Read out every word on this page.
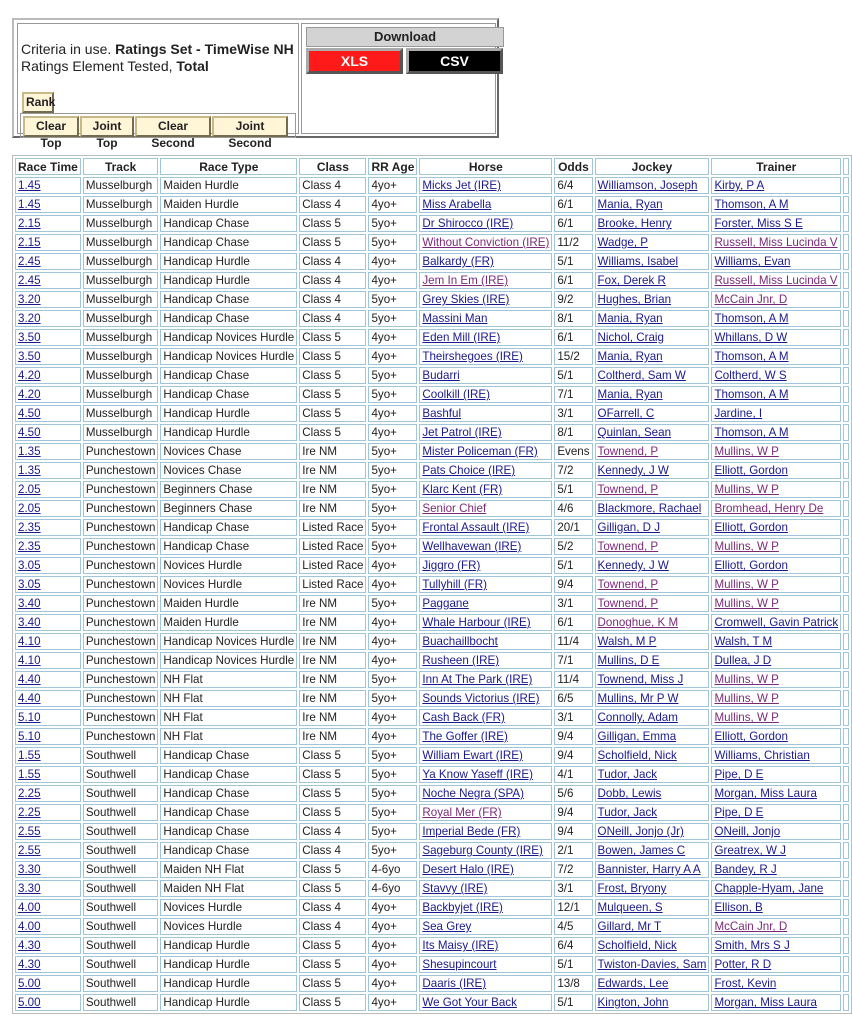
Criteria in use. Ratings Set - TimeWise NH
Ratings Element Tested, Total
Rank
Clear Top
Joint Top
Clear Second
Joint Second
Download
XLS	CSV
Race Time	Track	Race Type	Class	RR Age	Horse	Odds	Jockey	Trainer	
1.45	Musselburgh	Maiden Hurdle	Class 4	4yo+	Micks Jet (IRE)	6/4	Williamson, Joseph	Kirby, P A	
1.45	Musselburgh	Maiden Hurdle	Class 4	4yo+	Miss Arabella	6/1	Mania, Ryan	Thomson, A M	
2.15	Musselburgh	Handicap Chase	Class 5	5yo+	Dr Shirocco (IRE)	6/1	Brooke, Henry	Forster, Miss S E	
2.15	Musselburgh	Handicap Chase	Class 5	5yo+	Without Conviction (IRE)	11/2	Wadge, P	Russell, Miss Lucinda V	
2.45	Musselburgh	Handicap Hurdle	Class 4	4yo+	Balkardy (FR)	5/1	Williams, Isabel	Williams, Evan	
2.45	Musselburgh	Handicap Hurdle	Class 4	4yo+	Jem In Em (IRE)	6/1	Fox, Derek R	Russell, Miss Lucinda V	
3.20	Musselburgh	Handicap Chase	Class 4	5yo+	Grey Skies (IRE)	9/2	Hughes, Brian	McCain Jnr, D	
3.20	Musselburgh	Handicap Chase	Class 4	5yo+	Massini Man	8/1	Mania, Ryan	Thomson, A M	
3.50	Musselburgh	Handicap Novices Hurdle	Class 5	4yo+	Eden Mill (IRE)	6/1	Nichol, Craig	Whillans, D W	
3.50	Musselburgh	Handicap Novices Hurdle	Class 5	4yo+	Theirshegoes (IRE)	15/2	Mania, Ryan	Thomson, A M	
4.20	Musselburgh	Handicap Chase	Class 5	5yo+	Budarri	5/1	Coltherd, Sam W	Coltherd, W S	
4.20	Musselburgh	Handicap Chase	Class 5	5yo+	Coolkill (IRE)	7/1	Mania, Ryan	Thomson, A M	
4.50	Musselburgh	Handicap Hurdle	Class 5	4yo+	Bashful	3/1	OFarrell, C	Jardine, I	
4.50	Musselburgh	Handicap Hurdle	Class 5	4yo+	Jet Patrol (IRE)	8/1	Quinlan, Sean	Thomson, A M	
1.35	Punchestown	Novices Chase	Ire NM	5yo+	Mister Policeman (FR)	Evens	Townend, P	Mullins, W P	
1.35	Punchestown	Novices Chase	Ire NM	5yo+	Pats Choice (IRE)	7/2	Kennedy, J W	Elliott, Gordon	
2.05	Punchestown	Beginners Chase	Ire NM	5yo+	Klarc Kent (FR)	5/1	Townend, P	Mullins, W P	
2.05	Punchestown	Beginners Chase	Ire NM	5yo+	Senior Chief	4/6	Blackmore, Rachael	Bromhead, Henry De	
2.35	Punchestown	Handicap Chase	Listed Race	5yo+	Frontal Assault (IRE)	20/1	Gilligan, D J	Elliott, Gordon	
2.35	Punchestown	Handicap Chase	Listed Race	5yo+	Wellhavewan (IRE)	5/2	Townend, P	Mullins, W P	
3.05	Punchestown	Novices Hurdle	Listed Race	4yo+	Jiggro (FR)	5/1	Kennedy, J W	Elliott, Gordon	
3.05	Punchestown	Novices Hurdle	Listed Race	4yo+	Tullyhill (FR)	9/4	Townend, P	Mullins, W P	
3.40	Punchestown	Maiden Hurdle	Ire NM	5yo+	Paggane	3/1	Townend, P	Mullins, W P	
3.40	Punchestown	Maiden Hurdle	Ire NM	4yo+	Whale Harbour (IRE)	6/1	Donoghue, K M	Cromwell, Gavin Patrick	
4.10	Punchestown	Handicap Novices Hurdle	Ire NM	4yo+	Buachaillbocht	11/4	Walsh, M P	Walsh, T M	
4.10	Punchestown	Handicap Novices Hurdle	Ire NM	4yo+	Rusheen (IRE)	7/1	Mullins, D E	Dullea, J D	
4.40	Punchestown	NH Flat	Ire NM	5yo+	Inn At The Park (IRE)	11/4	Townend, Miss J	Mullins, W P	
4.40	Punchestown	NH Flat	Ire NM	5yo+	Sounds Victorius (IRE)	6/5	Mullins, Mr P W	Mullins, W P	
5.10	Punchestown	NH Flat	Ire NM	4yo+	Cash Back (FR)	3/1	Connolly, Adam	Mullins, W P	
5.10	Punchestown	NH Flat	Ire NM	4yo+	The Goffer (IRE)	9/4	Gilligan, Emma	Elliott, Gordon	
1.55	Southwell	Handicap Chase	Class 5	5yo+	William Ewart (IRE)	9/4	Scholfield, Nick	Williams, Christian	
1.55	Southwell	Handicap Chase	Class 5	5yo+	Ya Know Yaseff (IRE)	4/1	Tudor, Jack	Pipe, D E	
2.25	Southwell	Handicap Chase	Class 5	5yo+	Noche Negra (SPA)	5/6	Dobb, Lewis	Morgan, Miss Laura	
2.25	Southwell	Handicap Chase	Class 5	5yo+	Royal Mer (FR)	9/4	Tudor, Jack	Pipe, D E	
2.55	Southwell	Handicap Chase	Class 4	5yo+	Imperial Bede (FR)	9/4	ONeill, Jonjo (Jr)	ONeill, Jonjo	
2.55	Southwell	Handicap Chase	Class 4	5yo+	Sageburg County (IRE)	2/1	Bowen, James C	Greatrex, W J	
3.30	Southwell	Maiden NH Flat	Class 5	4-6yo	Desert Halo (IRE)	7/2	Bannister, Harry A A	Bandey, R J	
3.30	Southwell	Maiden NH Flat	Class 5	4-6yo	Stavvy (IRE)	3/1	Frost, Bryony	Chapple-Hyam, Jane	
4.00	Southwell	Novices Hurdle	Class 4	4yo+	Backbyjet (IRE)	12/1	Mulqueen, S	Ellison, B	
4.00	Southwell	Novices Hurdle	Class 4	4yo+	Sea Grey	4/5	Gillard, Mr T	McCain Jnr, D	
4.30	Southwell	Handicap Hurdle	Class 5	4yo+	Its Maisy (IRE)	6/4	Scholfield, Nick	Smith, Mrs S J	
4.30	Southwell	Handicap Hurdle	Class 5	4yo+	Shesupincourt	5/1	Twiston-Davies, Sam	Potter, R D	
5.00	Southwell	Handicap Hurdle	Class 5	4yo+	Daaris (IRE)	13/8	Edwards, Lee	Frost, Kevin	
5.00	Southwell	Handicap Hurdle	Class 5	4yo+	We Got Your Back	5/1	Kington, John	Morgan, Miss Laura	
